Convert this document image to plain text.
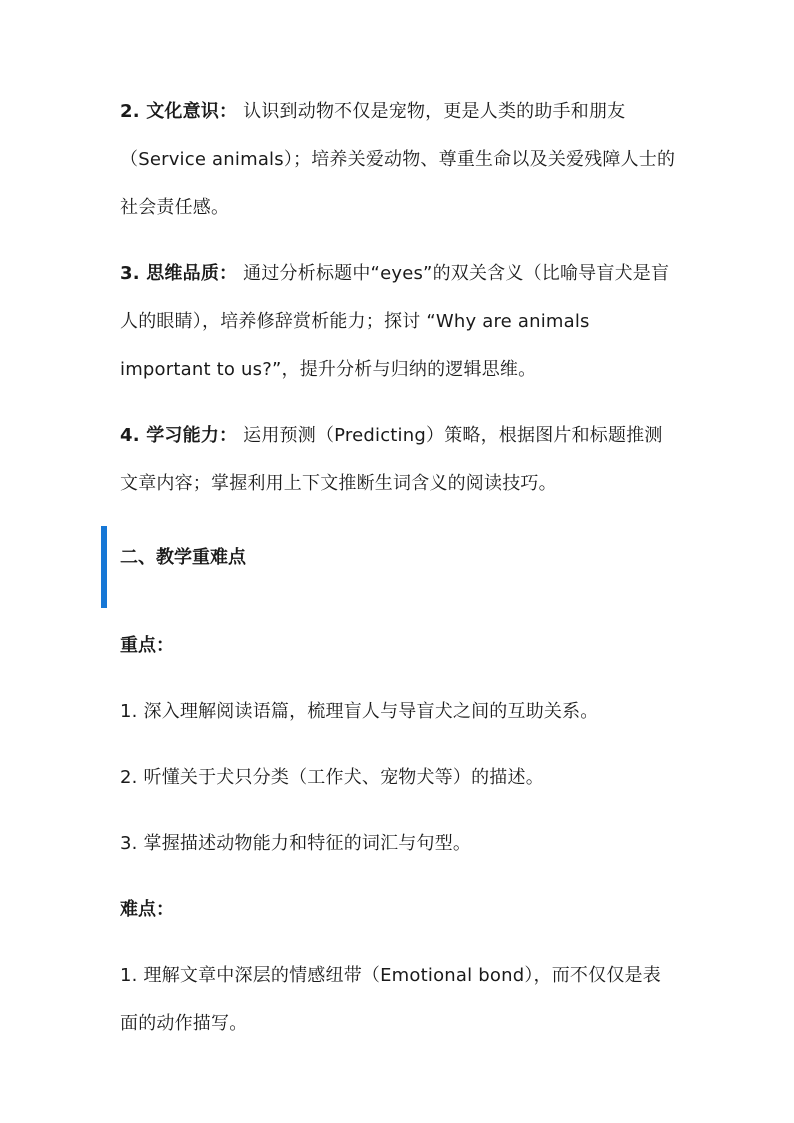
2. 文化意识： 认识到动物不仅是宠物，更是人类的助手和朋友（Service animals）；培养关爱动物、尊重生命以及关爱残障人士的社会责任感。

3. 思维品质： 通过分析标题中“eyes”的双关含义（比喻导盲犬是盲人的眼睛），培养修辞赏析能力；探讨 “Why are animals important to us?”，提升分析与归纳的逻辑思维。

4. 学习能力： 运用预测（Predicting）策略，根据图片和标题推测文章内容；掌握利用上下文推断生词含义的阅读技巧。

二、教学重难点

重点：

1. 深入理解阅读语篇，梳理盲人与导盲犬之间的互助关系。

2. 听懂关于犬只分类（工作犬、宠物犬等）的描述。

3. 掌握描述动物能力和特征的词汇与句型。

难点：

1. 理解文章中深层的情感纽带（Emotional bond），而不仅仅是表面的动作描写。
